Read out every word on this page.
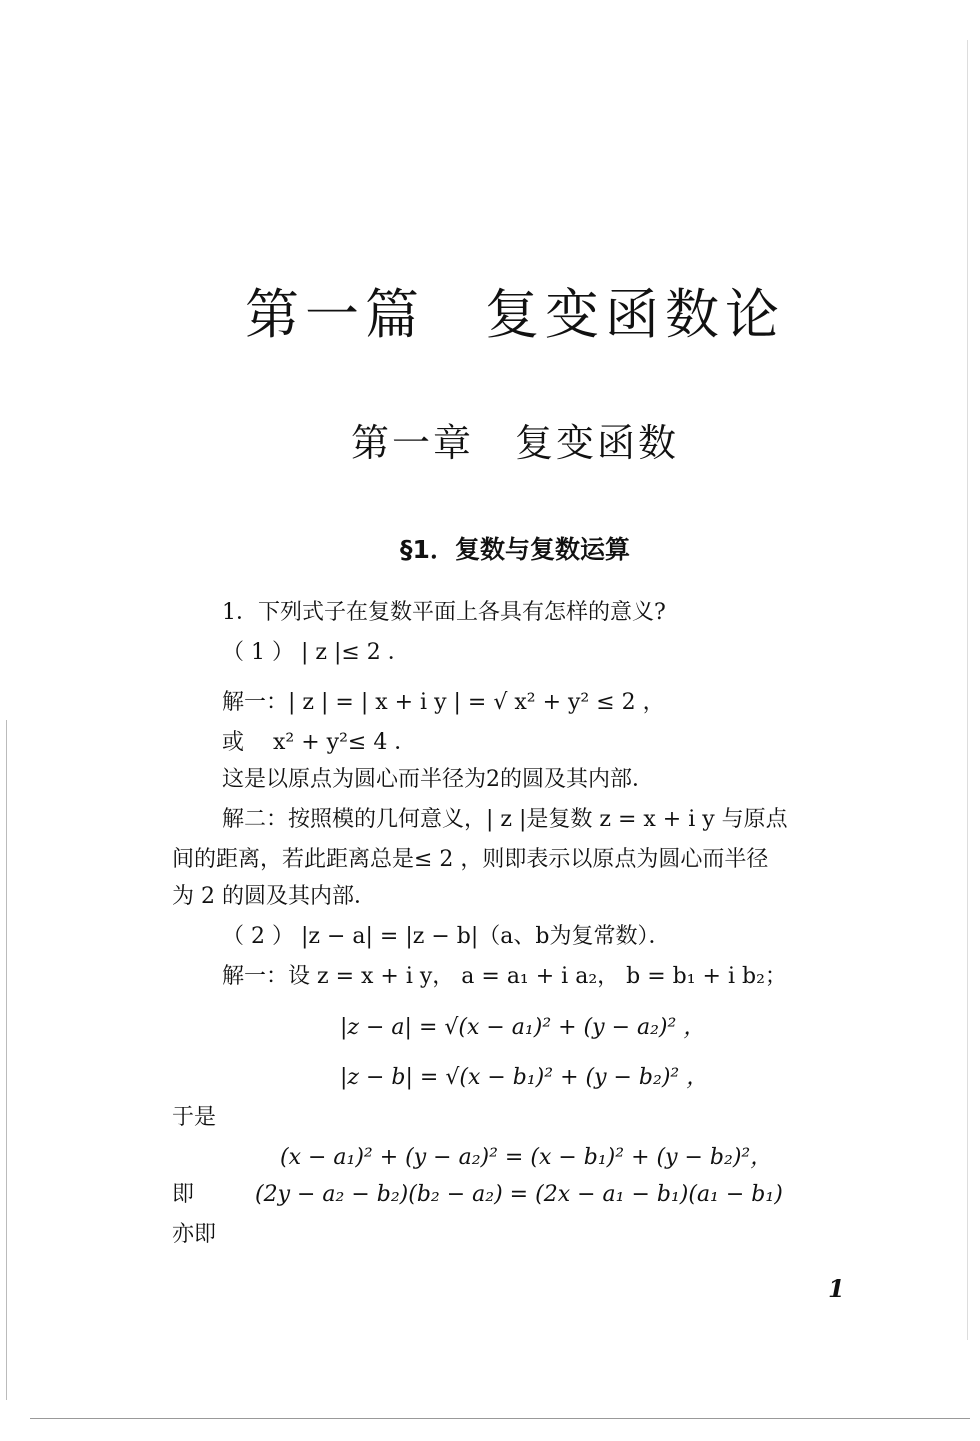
第一篇　复变函数论
第一章　复变函数
§1．复数与复数运算
1．下列式子在复数平面上各具有怎样的意义?
（ 1 ） | z |≤ 2 ．
解一：| z | = | x + i y | = √ x² + y² ≤ 2 ，
或　 x² + y²≤ 4 ．
这是以原点为圆心而半径为2的圆及其内部．
解二：按照模的几何意义，| z |是复数 z = x + i y 与原点
间的距离，若此距离总是≤ 2 ，则即表示以原点为圆心而半径
为 2 的圆及其内部．
（ 2 ） |z − a| = |z − b|（a、b为复常数）．
解一：设 z = x + i y， a = a₁ + i a₂， b = b₁ + i b₂；
|z − a| = √(x − a₁)² + (y − a₂)² ，
|z − b| = √(x − b₁)² + (y − b₂)² ，
于是
(x − a₁)² + (y − a₂)² = (x − b₁)² + (y − b₂)²，
即	(2y − a₂ − b₂)(b₂ − a₂) = (2x − a₁ − b₁)(a₁ − b₁)
亦即
1
